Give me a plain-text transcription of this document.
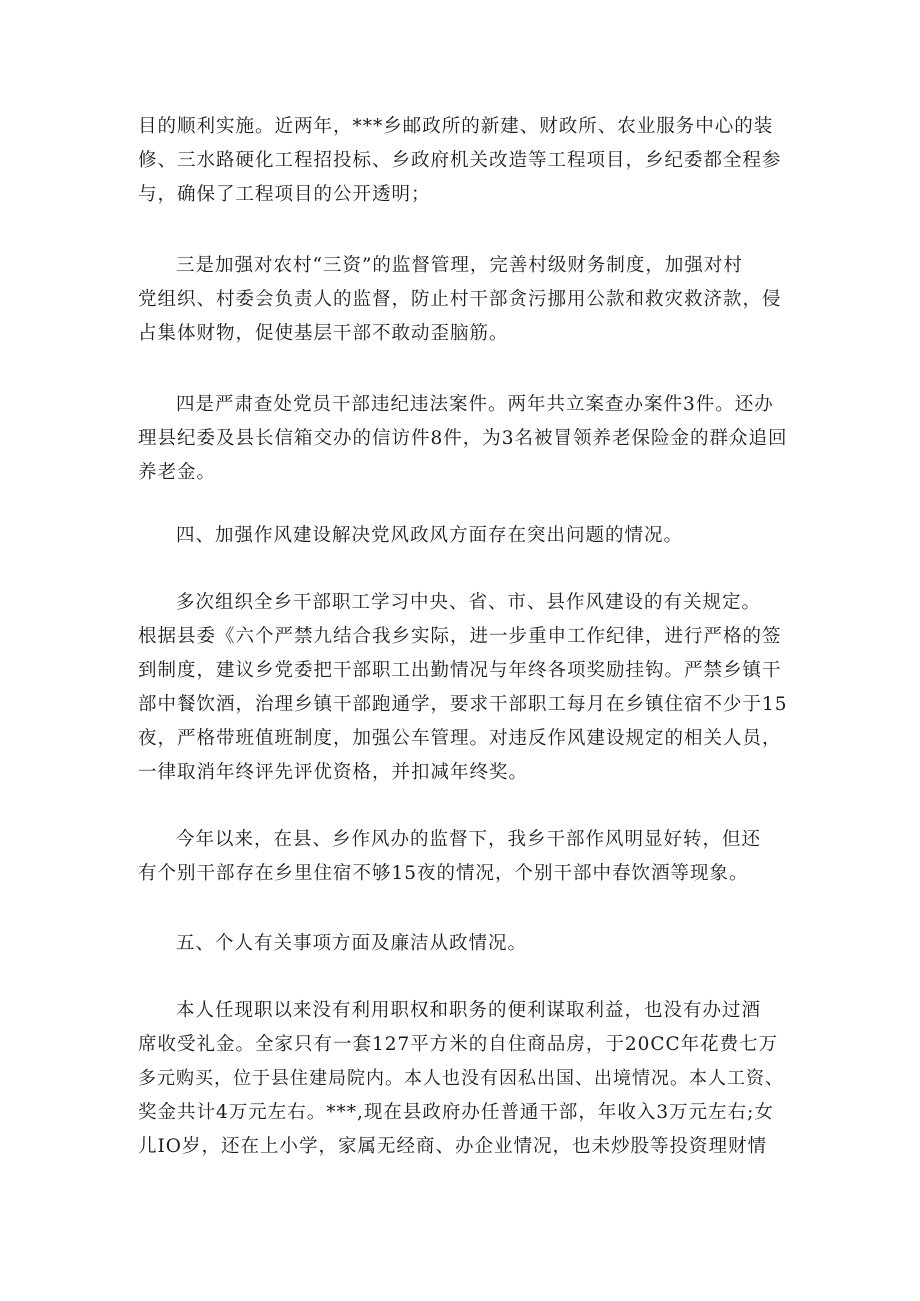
目的顺利实施。近两年，***乡邮政所的新建、财政所、农业服务中心的装
修、三水路硬化工程招投标、乡政府机关改造等工程项目，乡纪委都全程参
与，确保了工程项目的公开透明；
三是加强对农村“三资”的监督管理，完善村级财务制度，加强对村
党组织、村委会负责人的监督，防止村干部贪污挪用公款和救灾救济款，侵
占集体财物，促使基层干部不敢动歪脑筋。
四是严肃查处党员干部违纪违法案件。两年共立案查办案件3件。还办
理县纪委及县长信箱交办的信访件8件，为3名被冒领养老保险金的群众追回
养老金。
四、加强作风建设解决党风政风方面存在突出问题的情况。
多次组织全乡干部职工学习中央、省、市、县作风建设的有关规定。
根据县委《六个严禁九结合我乡实际，进一步重申工作纪律，进行严格的签
到制度，建议乡党委把干部职工出勤情况与年终各项奖励挂钩。严禁乡镇干
部中餐饮酒，治理乡镇干部跑通学，要求干部职工每月在乡镇住宿不少于15
夜，严格带班值班制度，加强公车管理。对违反作风建设规定的相关人员，
一律取消年终评先评优资格，并扣减年终奖。
今年以来，在县、乡作风办的监督下，我乡干部作风明显好转，但还
有个别干部存在乡里住宿不够15夜的情况，个别干部中春饮酒等现象。
五、个人有关事项方面及廉洁从政情况。
本人任现职以来没有利用职权和职务的便利谋取利益，也没有办过酒
席收受礼金。全家只有一套127平方米的自住商品房，于20CC年花费七万
多元购买，位于县住建局院内。本人也没有因私出国、出境情况。本人工资、
奖金共计4万元左右。***,现在县政府办任普通干部，年收入3万元左右;女
儿IO岁，还在上小学，家属无经商、办企业情况，也未炒股等投资理财情
